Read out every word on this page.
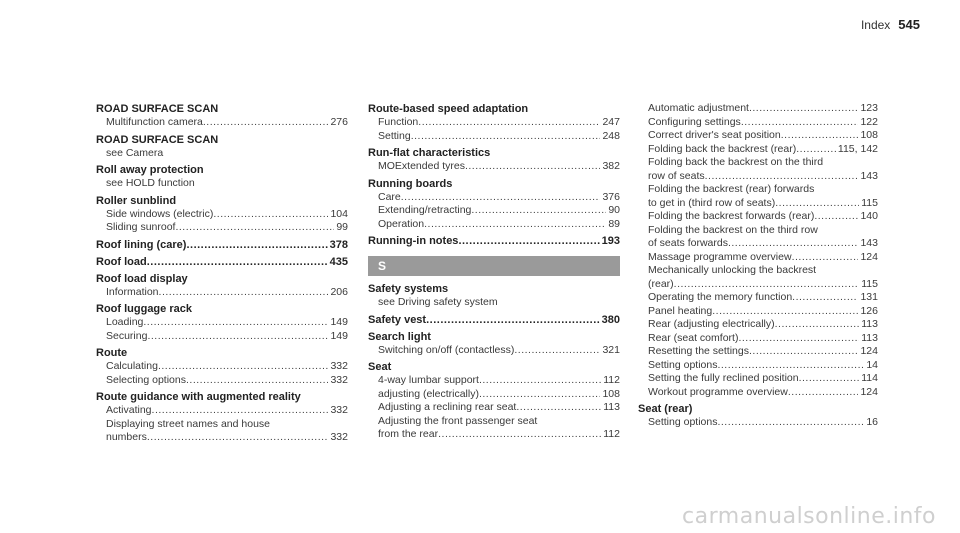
Index 545
ROAD SURFACE SCAN
Multifunction camera .....	276
ROAD SURFACE SCAN
see Camera
Roll away protection
see HOLD function
Roller sunblind
Side windows (electric) .....	104
Sliding sunroof .....	99
Roof lining (care) .....	378
Roof load .....	435
Roof load display
Information .....	206
Roof luggage rack
Loading .....	149
Securing .....	149
Route
Calculating .....	332
Selecting options .....	332
Route guidance with augmented reality
Activating .....	332
Displaying street names and house
numbers .....	332
Route-based speed adaptation
Function .....	247
Setting .....	248
Run-flat characteristics
MOExtended tyres .....	382
Running boards
Care .....	376
Extending/retracting .....	90
Operation .....	89
Running-in notes .....	193
S
Safety systems
see Driving safety system
Safety vest .....	380
Search light
Switching on/off (contactless) .....	321
Seat
4-way lumbar support .....	112
adjusting (electrically) .....	108
Adjusting a reclining rear seat .....	113
Adjusting the front passenger seat
from the rear .....	112
Automatic adjustment .....	123
Configuring settings .....	122
Correct driver's seat position .....	108
Folding back the backrest (rear) .....	115, 142
Folding back the backrest on the third
row of seats .....	143
Folding the backrest (rear) forwards
to get in (third row of seats) .....	115
Folding the backrest forwards (rear) .....	140
Folding the backrest on the third row
of seats forwards .....	143
Massage programme overview .....	124
Mechanically unlocking the backrest
(rear) .....	115
Operating the memory function .....	131
Panel heating .....	126
Rear (adjusting electrically) .....	113
Rear (seat comfort) .....	113
Resetting the settings .....	124
Setting options .....	14
Setting the fully reclined position .....	114
Workout programme overview .....	124
Seat (rear)
Setting options .....	16
carmanualsonline.info
